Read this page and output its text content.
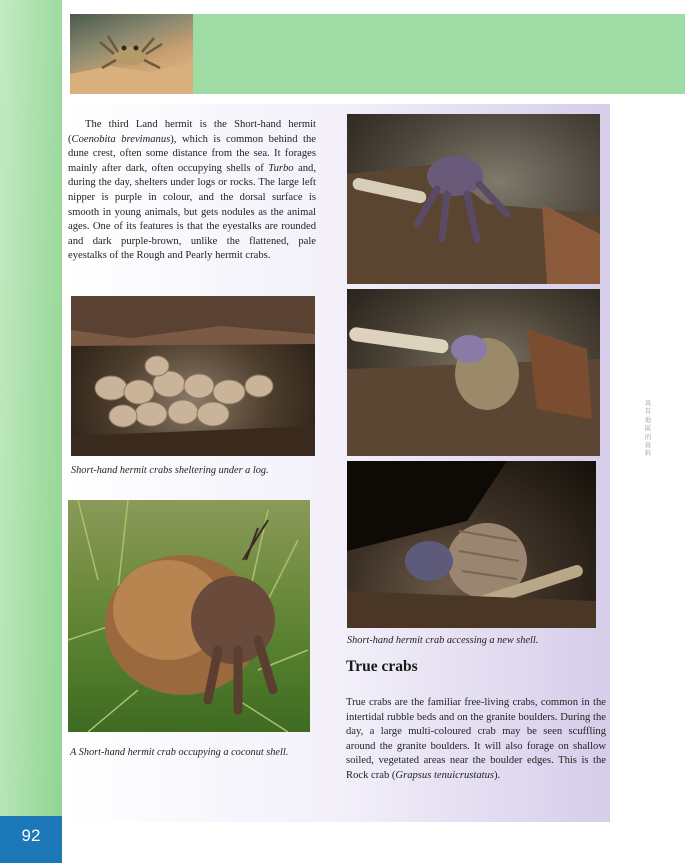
92

The third Land hermit is the Short-hand hermit (Coenobita brevimanus), which is common behind the dune crest, often some distance from the sea. It forages mainly after dark, often occupying shells of Turbo and, during the day, shelters under logs or rocks. The large left nipper is purple in colour, and the dorsal surface is smooth in young animals, but gets nodules as the animal ages. One of its features is that the eyestalks are rounded and dark purple-brown, unlike the flattened, pale eyestalks of the Rough and Pearly hermit crabs.

Short-hand hermit crabs sheltering under a log.
A Short-hand hermit crab occupying a coconut shell.
Short-hand hermit crab accessing a new shell.
True crabs

True crabs are the familiar free-living crabs, common in the intertidal rubble beds and on the granite boulders. During the day, a large multi-coloured crab may be seen scuffling around the granite boulders. It will also forage on shallow soiled, vegetated areas near the boulder edges. This is the Rock crab (Grapsus tenuicrustatus).

具有地區的資料
